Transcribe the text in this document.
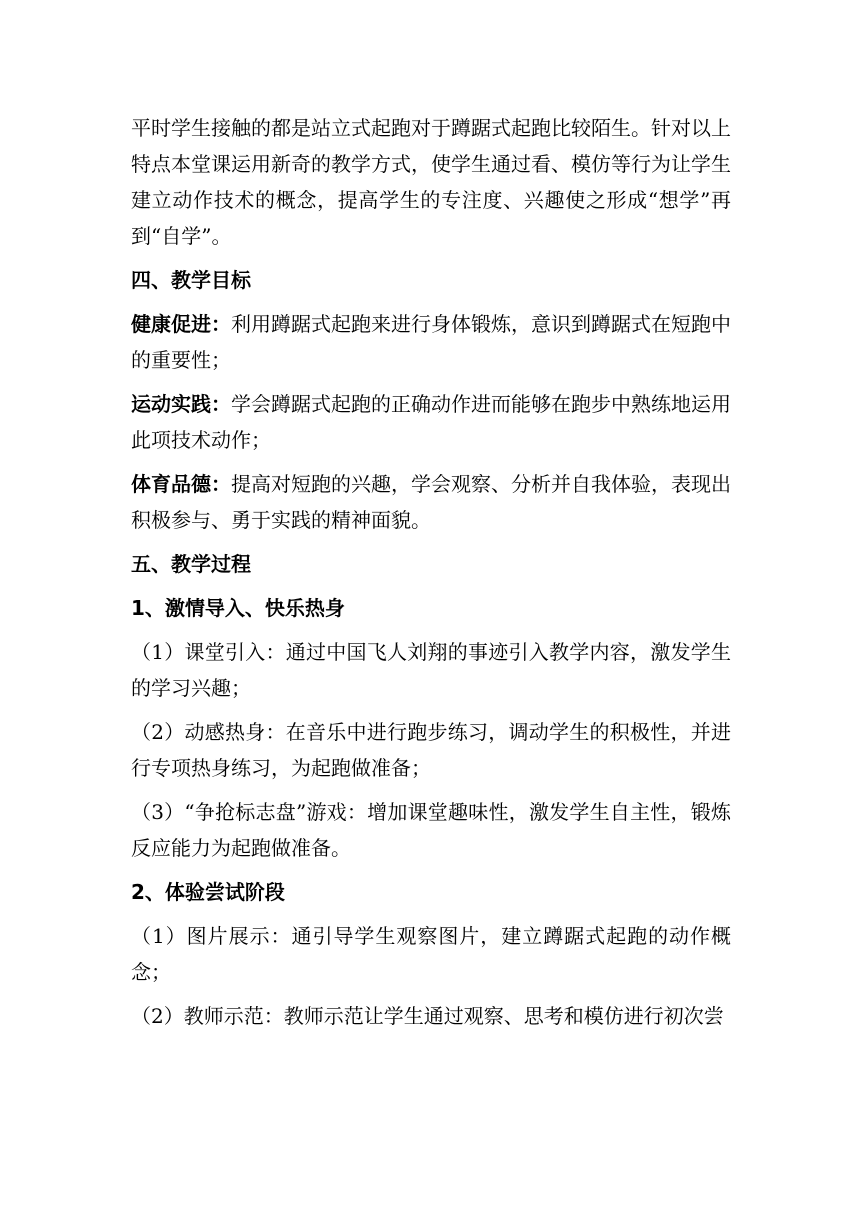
平时学生接触的都是站立式起跑对于蹲踞式起跑比较陌生。针对以上特点本堂课运用新奇的教学方式，使学生通过看、模仿等行为让学生建立动作技术的概念，提高学生的专注度、兴趣使之形成“想学”再到“自学”。

四、教学目标

健康促进：利用蹲踞式起跑来进行身体锻炼，意识到蹲踞式在短跑中的重要性；

运动实践：学会蹲踞式起跑的正确动作进而能够在跑步中熟练地运用此项技术动作；

体育品德：提高对短跑的兴趣，学会观察、分析并自我体验，表现出积极参与、勇于实践的精神面貌。

五、教学过程

1、激情导入、快乐热身

（1）课堂引入：通过中国飞人刘翔的事迹引入教学内容，激发学生的学习兴趣；

（2）动感热身：在音乐中进行跑步练习，调动学生的积极性，并进行专项热身练习，为起跑做准备；

（3）“争抢标志盘”游戏：增加课堂趣味性，激发学生自主性，锻炼反应能力为起跑做准备。

2、体验尝试阶段

（1）图片展示：通引导学生观察图片，建立蹲踞式起跑的动作概念；

（2）教师示范：教师示范让学生通过观察、思考和模仿进行初次尝
